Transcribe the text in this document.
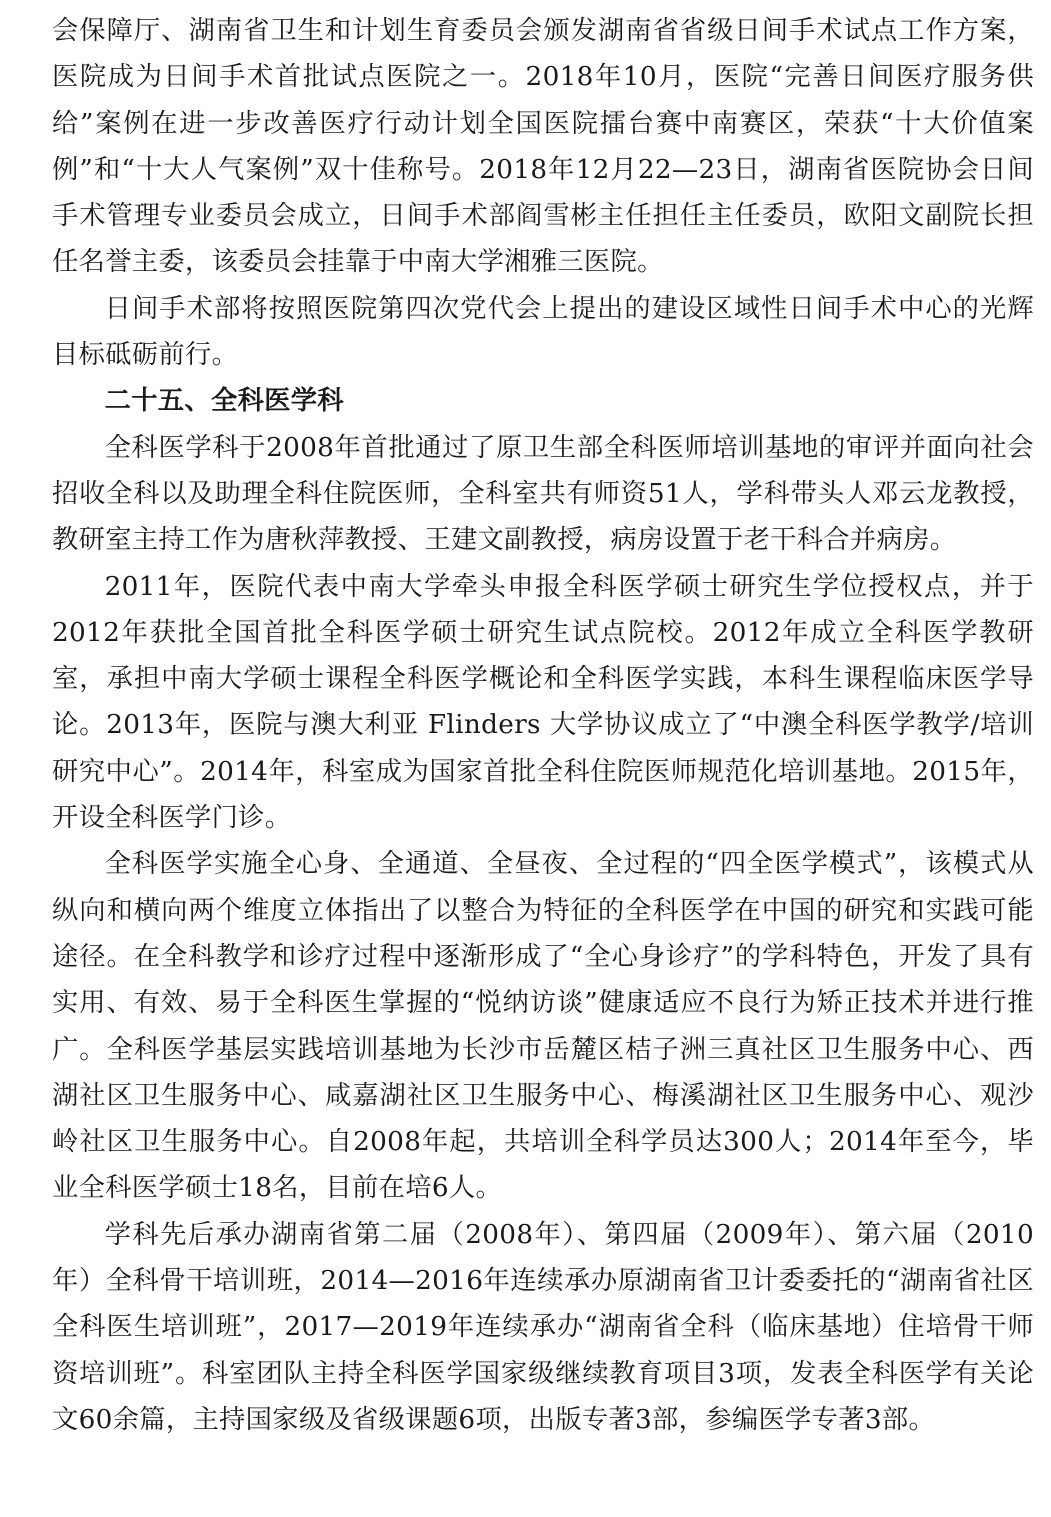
会保障厅、湖南省卫生和计划生育委员会颁发湖南省省级日间手术试点工作方案，医院成为日间手术首批试点医院之一。2018年10月，医院“完善日间医疗服务供给”案例在进一步改善医疗行动计划全国医院擂台赛中南赛区，荣获“十大价值案例”和“十大人气案例”双十佳称号。2018年12月22—23日，湖南省医院协会日间手术管理专业委员会成立，日间手术部阎雪彬主任担任主任委员，欧阳文副院长担任名誉主委，该委员会挂靠于中南大学湘雅三医院。

日间手术部将按照医院第四次党代会上提出的建设区域性日间手术中心的光辉目标砥砺前行。

二十五、全科医学科

全科医学科于2008年首批通过了原卫生部全科医师培训基地的审评并面向社会招收全科以及助理全科住院医师，全科室共有师资51人，学科带头人邓云龙教授，教研室主持工作为唐秋萍教授、王建文副教授，病房设置于老干科合并病房。

2011年，医院代表中南大学牵头申报全科医学硕士研究生学位授权点，并于2012年获批全国首批全科医学硕士研究生试点院校。2012年成立全科医学教研室，承担中南大学硕士课程全科医学概论和全科医学实践，本科生课程临床医学导论。2013年，医院与澳大利亚 Flinders 大学协议成立了“中澳全科医学教学/培训研究中心”。2014年，科室成为国家首批全科住院医师规范化培训基地。2015年，开设全科医学门诊。

全科医学实施全心身、全通道、全昼夜、全过程的“四全医学模式”，该模式从纵向和横向两个维度立体指出了以整合为特征的全科医学在中国的研究和实践可能途径。在全科教学和诊疗过程中逐渐形成了“全心身诊疗”的学科特色，开发了具有实用、有效、易于全科医生掌握的“悦纳访谈”健康适应不良行为矫正技术并进行推广。全科医学基层实践培训基地为长沙市岳麓区桔子洲三真社区卫生服务中心、西湖社区卫生服务中心、咸嘉湖社区卫生服务中心、梅溪湖社区卫生服务中心、观沙岭社区卫生服务中心。自2008年起，共培训全科学员达300人；2014年至今，毕业全科医学硕士18名，目前在培6人。

学科先后承办湖南省第二届（2008年）、第四届（2009年）、第六届（2010年）全科骨干培训班，2014—2016年连续承办原湖南省卫计委委托的“湖南省社区全科医生培训班”，2017—2019年连续承办“湖南省全科（临床基地）住培骨干师资培训班”。科室团队主持全科医学国家级继续教育项目3项，发表全科医学有关论文60余篇，主持国家级及省级课题6项，出版专著3部，参编医学专著3部。
